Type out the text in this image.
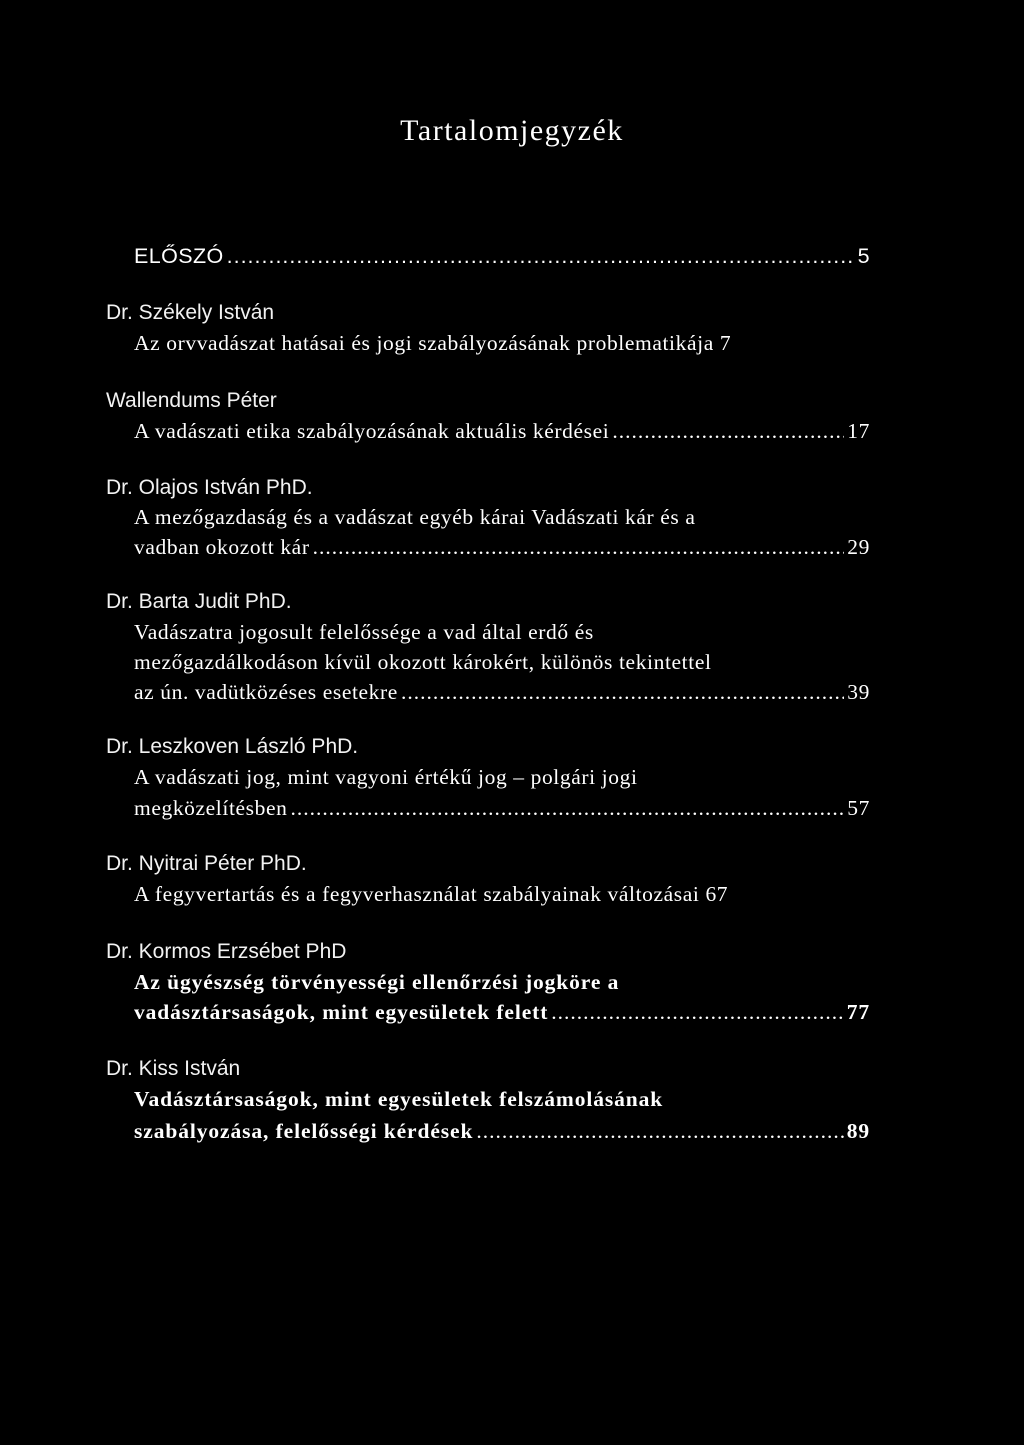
Tartalomjegyzék
ELŐSZÓ .....	5
Dr. Székely István
Az orvvadászat hatásai és jogi szabályozásának problematikája 7
Wallendums Péter
A vadászati etika szabályozásának aktuális kérdései .....	17
Dr. Olajos István PhD.
A mezőgazdaság és a vadászat egyéb kárai Vadászati kár és a
vadban okozott kár .....	29
Dr. Barta Judit PhD.
Vadászatra jogosult felelőssége a vad által erdő és
mezőgazdálkodáson kívül okozott károkért, különös tekintettel
az ún. vadütközéses esetekre .....	39
Dr. Leszkoven László PhD.
A vadászati jog, mint vagyoni értékű jog – polgári jogi
megközelítésben .....	57
Dr. Nyitrai Péter PhD.
A fegyvertartás és a fegyverhasználat szabályainak változásai 67
Dr. Kormos Erzsébet PhD
Az ügyészség törvényességi ellenőrzési jogköre a
vadásztársaságok, mint egyesületek felett .....	77
Dr. Kiss István
Vadásztársaságok, mint egyesületek felszámolásának
szabályozása, felelősségi kérdések .....	89
